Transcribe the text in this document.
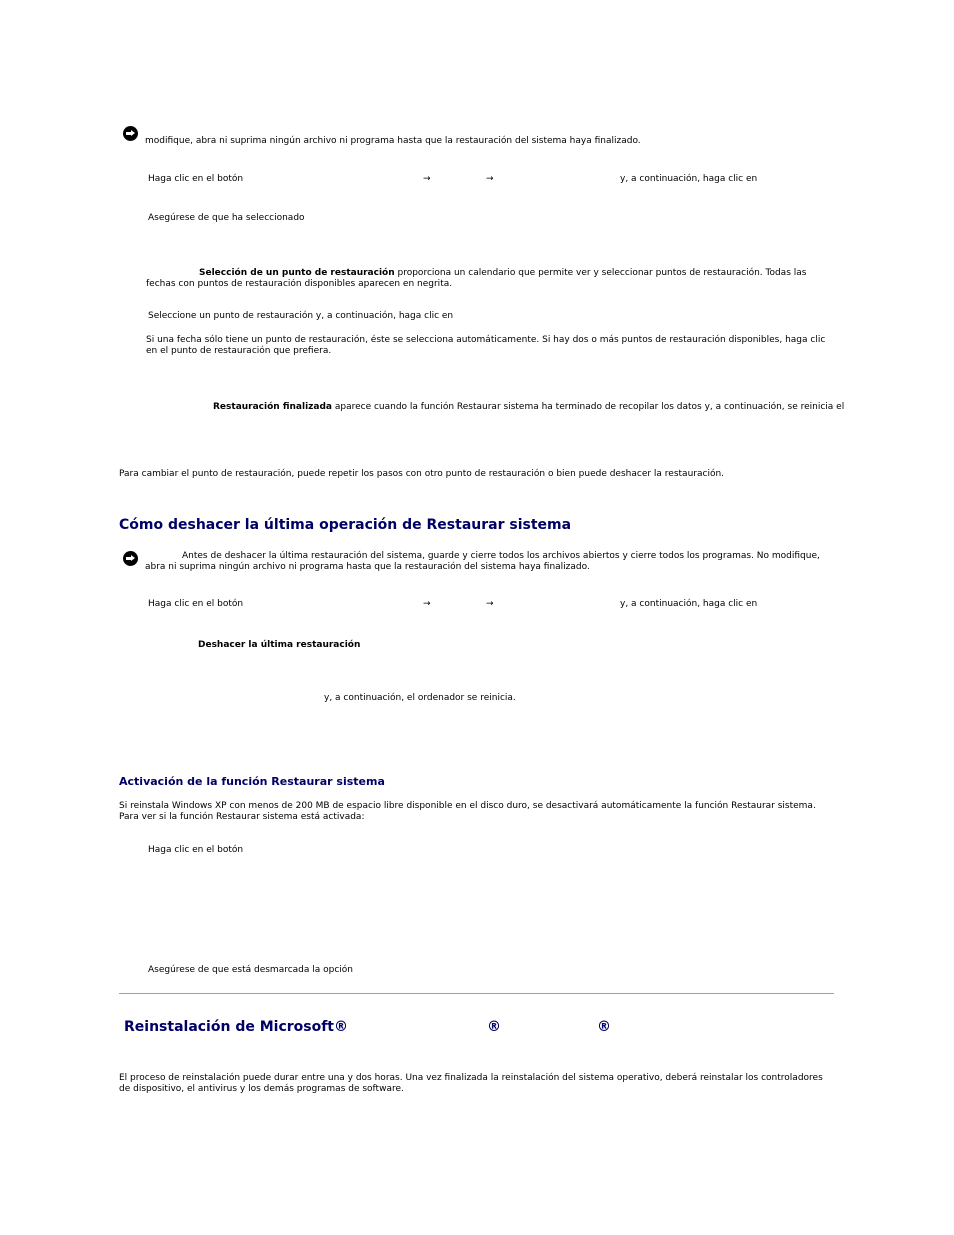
modifique, abra ni suprima ningún archivo ni programa hasta que la restauración del sistema haya finalizado.

Haga clic en el botón	→	→	y, a continuación, haga clic en

Asegúrese de que ha seleccionado

Selección de un punto de restauración proporciona un calendario que permite ver y seleccionar puntos de restauración. Todas las fechas con puntos de restauración disponibles aparecen en negrita.

Seleccione un punto de restauración y, a continuación, haga clic en

Si una fecha sólo tiene un punto de restauración, éste se selecciona automáticamente. Si hay dos o más puntos de restauración disponibles, haga clic en el punto de restauración que prefiera.

Restauración finalizada aparece cuando la función Restaurar sistema ha terminado de recopilar los datos y, a continuación, se reinicia el

Para cambiar el punto de restauración, puede repetir los pasos con otro punto de restauración o bien puede deshacer la restauración.

Cómo deshacer la última operación de Restaurar sistema

Antes de deshacer la última restauración del sistema, guarde y cierre todos los archivos abiertos y cierre todos los programas. No modifique, abra ni suprima ningún archivo ni programa hasta que la restauración del sistema haya finalizado.

Haga clic en el botón	→	→	y, a continuación, haga clic en

Deshacer la última restauración

y, a continuación, el ordenador se reinicia.

Activación de la función Restaurar sistema

Si reinstala Windows XP con menos de 200 MB de espacio libre disponible en el disco duro, se desactivará automáticamente la función Restaurar sistema. Para ver si la función Restaurar sistema está activada:

Haga clic en el botón

Asegúrese de que está desmarcada la opción

Reinstalación de Microsoft®	®	®

El proceso de reinstalación puede durar entre una y dos horas. Una vez finalizada la reinstalación del sistema operativo, deberá reinstalar los controladores de dispositivo, el antivirus y los demás programas de software.
